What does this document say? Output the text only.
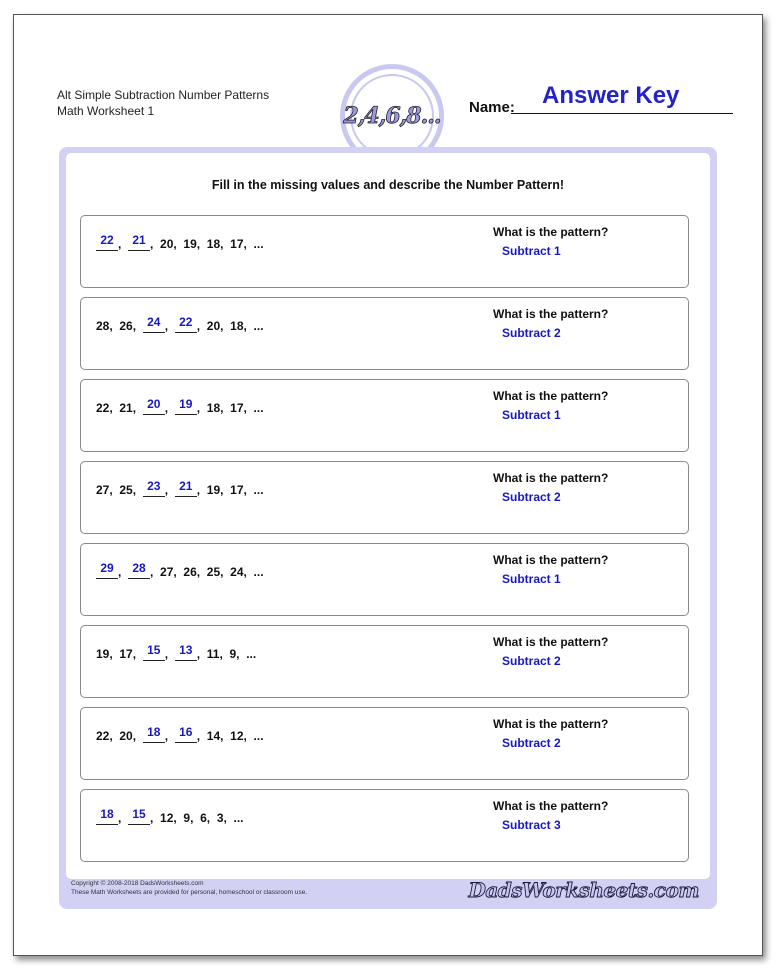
Alt Simple Subtraction Number Patterns
Math Worksheet 1	2,4,6,8...
Answer Key
Name:
Fill in the missing values and describe the Number Pattern!
22 , 21 , 20 , 19 , 18 , 17 , ...
What is the pattern?
Subtract 1
28 , 26 , 24 , 22 , 20 , 18 , ...
What is the pattern?
Subtract 2
22 , 21 , 20 , 19 , 18 , 17 , ...
What is the pattern?
Subtract 1
27 , 25 , 23 , 21 , 19 , 17 , ...
What is the pattern?
Subtract 2
29 , 28 , 27 , 26 , 25 , 24 , ...
What is the pattern?
Subtract 1
19 , 17 , 15 , 13 , 11 , 9 , ...
What is the pattern?
Subtract 2
22 , 20 , 18 , 16 , 14 , 12 , ...
What is the pattern?
Subtract 2
18 , 15 , 12 , 9 , 6 , 3 , ...
What is the pattern?
Subtract 3
Copyright © 2008-2018 DadsWorksheets.com
These Math Worksheets are provided for personal, homeschool or classroom use.	DadsWorksheets.com
